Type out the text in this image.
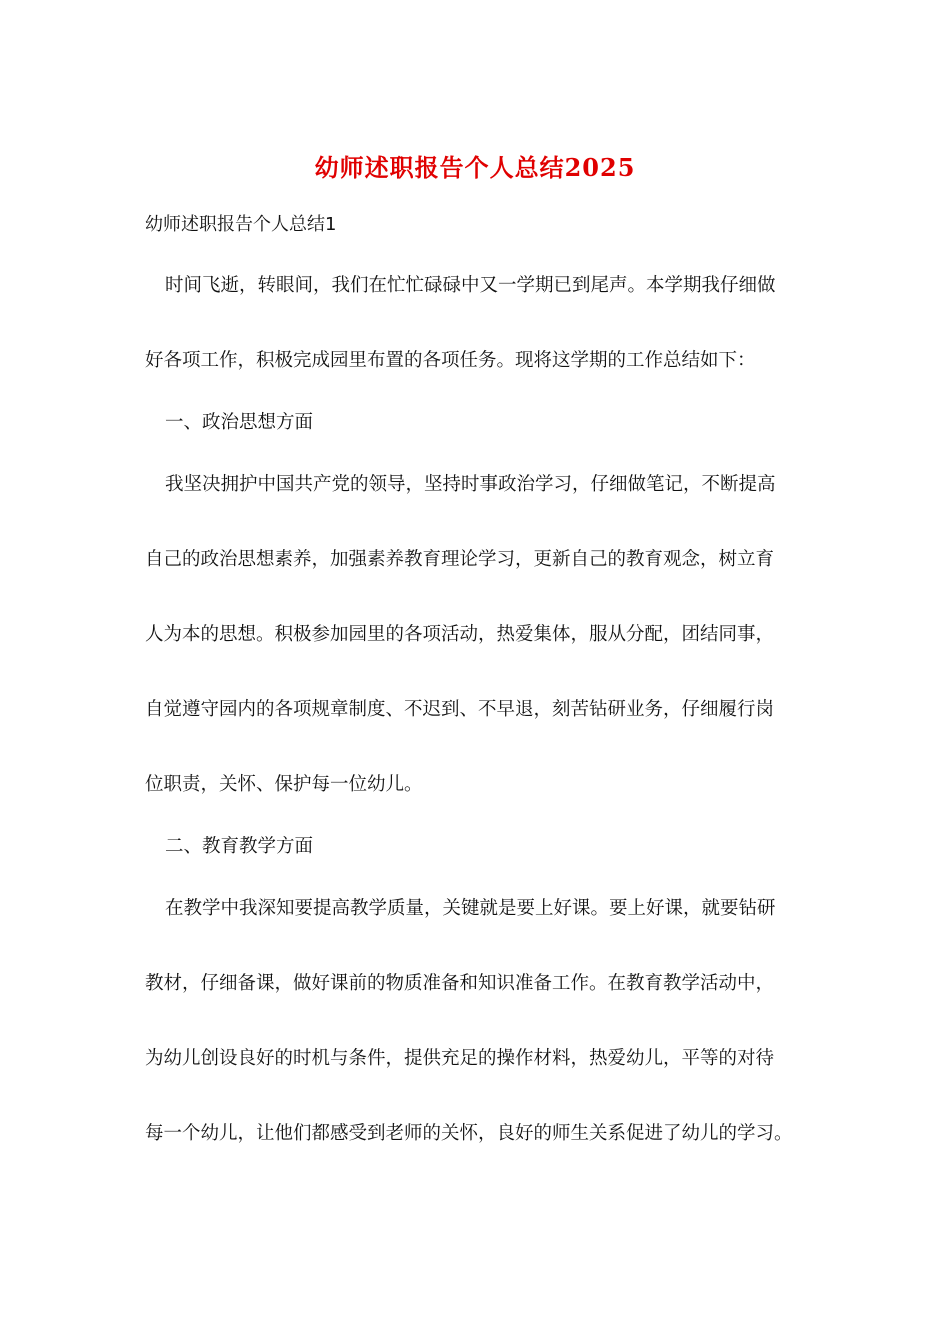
幼师述职报告个人总结2025
幼师述职报告个人总结1
时间飞逝，转眼间，我们在忙忙碌碌中又一学期已到尾声。本学期我仔细做
好各项工作，积极完成园里布置的各项任务。现将这学期的工作总结如下：
一、政治思想方面
我坚决拥护中国共产党的领导，坚持时事政治学习，仔细做笔记，不断提高
自己的政治思想素养，加强素养教育理论学习，更新自己的教育观念，树立育
人为本的思想。积极参加园里的各项活动，热爱集体，服从分配，团结同事，
自觉遵守园内的各项规章制度、不迟到、不早退，刻苦钻研业务，仔细履行岗
位职责，关怀、保护每一位幼儿。
二、教育教学方面
在教学中我深知要提高教学质量，关键就是要上好课。要上好课，就要钻研
教材，仔细备课，做好课前的物质准备和知识准备工作。在教育教学活动中，
为幼儿创设良好的时机与条件，提供充足的操作材料，热爱幼儿，平等的对待
每一个幼儿，让他们都感受到老师的关怀，良好的师生关系促进了幼儿的学习。
